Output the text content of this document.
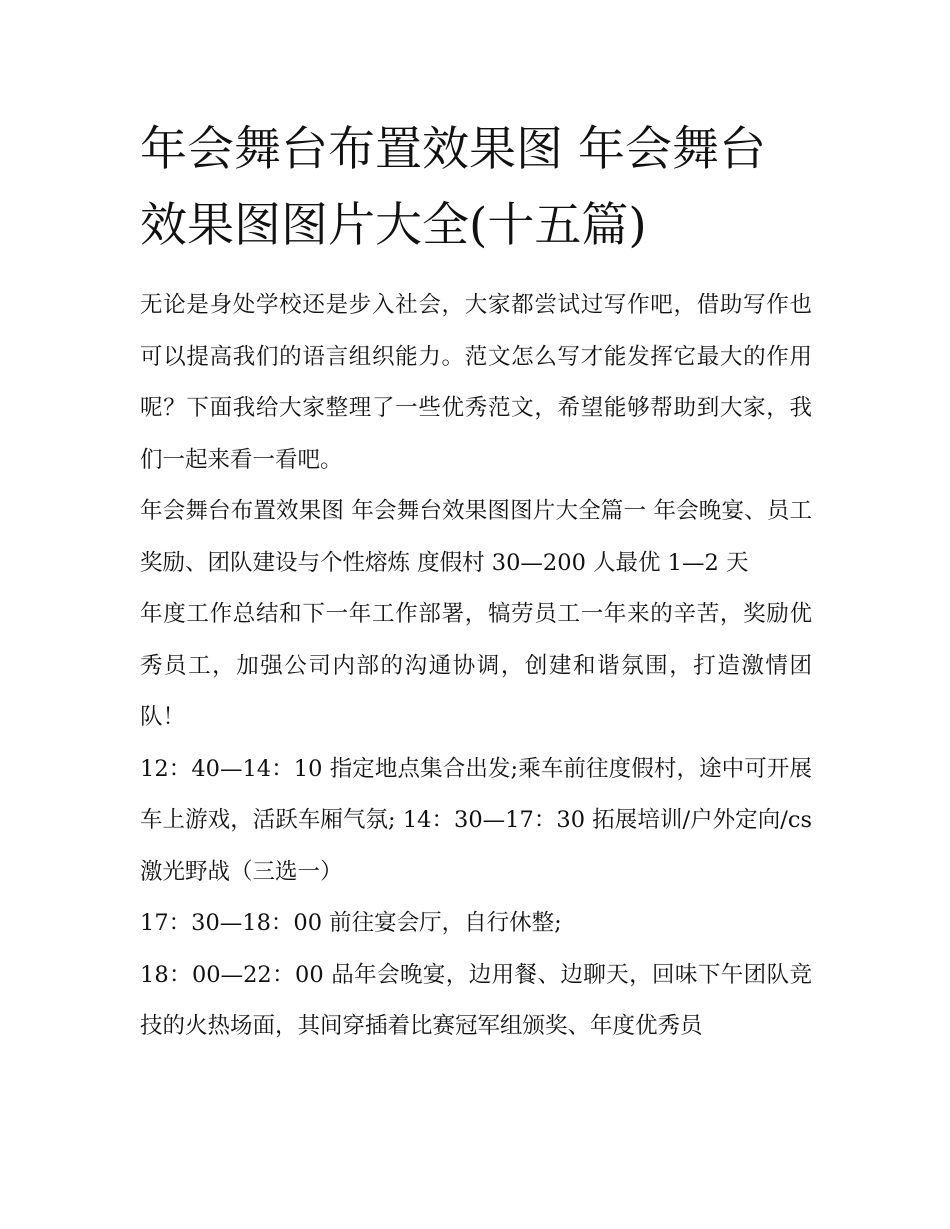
年会舞台布置效果图 年会舞台效果图图片大全(十五篇)

无论是身处学校还是步入社会，大家都尝试过写作吧，借助写作也可以提高我们的语言组织能力。范文怎么写才能发挥它最大的作用呢？下面我给大家整理了一些优秀范文，希望能够帮助到大家，我们一起来看一看吧。

年会舞台布置效果图 年会舞台效果图图片大全篇一 年会晚宴、员工奖励、团队建设与个性熔炼 度假村 30—200 人最优 1—2 天

年度工作总结和下一年工作部署，犒劳员工一年来的辛苦，奖励优秀员工，加强公司内部的沟通协调，创建和谐氛围，打造激情团队！

12：40—14：10 指定地点集合出发;乘车前往度假村，途中可开展车上游戏，活跃车厢气氛; 14：30—17：30 拓展培训/户外定向/cs 激光野战（三选一）

17：30—18：00 前往宴会厅，自行休整;

18：00—22：00 品年会晚宴，边用餐、边聊天，回味下午团队竞技的火热场面，其间穿插着比赛冠军组颁奖、年度优秀员
